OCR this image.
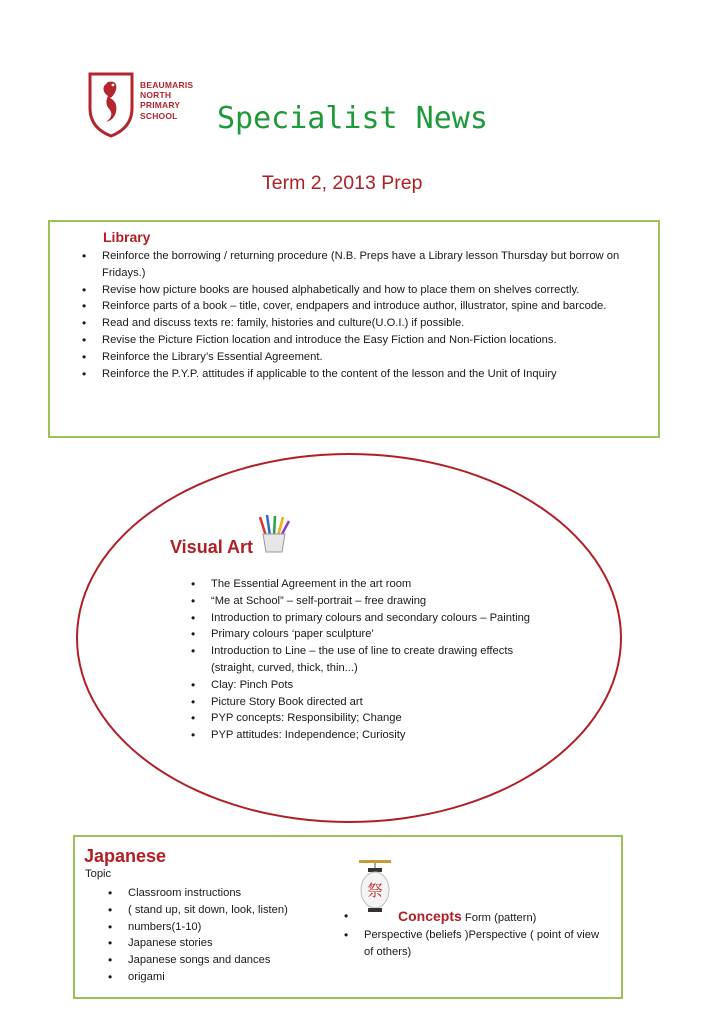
BEAUMARIS
NORTH
PRIMARY
SCHOOL	Specialist News
Term 2, 2013 Prep
Library
• Reinforce the borrowing / returning procedure (N.B. Preps have a Library lesson Thursday but borrow on Fridays.)
• Revise how picture books are housed alphabetically and how to place them on shelves correctly.
• Reinforce parts of a book – title, cover, endpapers and introduce author, illustrator, spine and barcode.
• Read and discuss texts re: family, histories and culture(U.O.I.) if possible.
• Revise the Picture Fiction location and introduce the Easy Fiction and Non-Fiction locations.
• Reinforce the Library’s Essential Agreement.
• Reinforce the P.Y.P. attitudes if applicable to the content of the lesson and the Unit of Inquiry
Visual Art
• The Essential Agreement in the art room
• “Me at School” – self-portrait – free drawing
• Introduction to primary colours and secondary colours – Painting
• Primary colours ‘paper sculpture’
• Introduction to Line – the use of line to create drawing effects (straight, curved, thick, thin...)
• Clay: Pinch Pots
• Picture Story Book directed art
• PYP concepts: Responsibility; Change
• PYP attitudes: Independence; Curiosity
Japanese
Topic
• Classroom instructions
• ( stand up, sit down, look, listen)
• numbers(1-10)
• Japanese stories
• Japanese songs and dances
• origami
祭
• Concepts Form (pattern)
• Perspective (beliefs )Perspective ( point of view of others)
